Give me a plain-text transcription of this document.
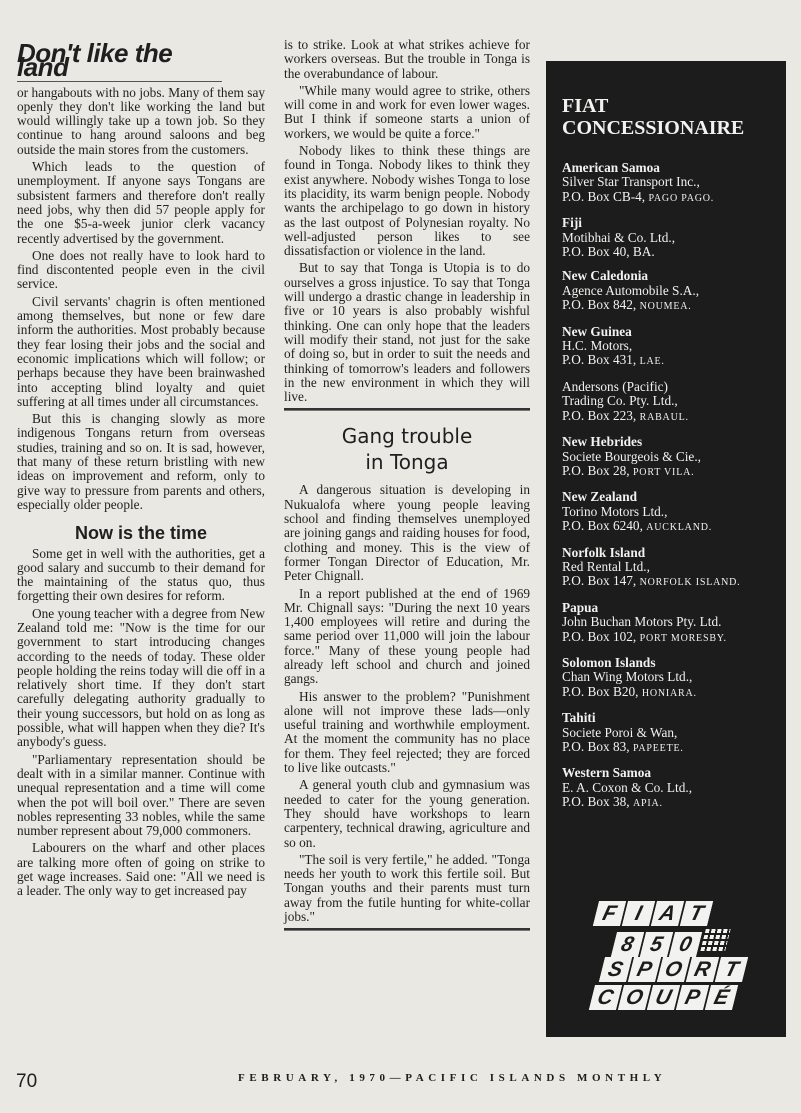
Don't like the land

or hangabouts with no jobs. Many of them say openly they don't like working the land but would willingly take up a town job. So they continue to hang around saloons and beg outside the main stores from the customers.

Which leads to the question of unemployment. If anyone says Tongans are subsistent farmers and therefore don't really need jobs, why then did 57 people apply for the one $5-a-week junior clerk vacancy recently advertised by the government.

One does not really have to look hard to find discontented people even in the civil service.

Civil servants' chagrin is often mentioned among themselves, but none or few dare inform the authorities. Most probably because they fear losing their jobs and the social and economic implications which will follow; or perhaps because they have been brainwashed into accepting blind loyalty and quiet suffering at all times under all circumstances.

But this is changing slowly as more indigenous Tongans return from overseas studies, training and so on. It is sad, however, that many of these return bristling with new ideas on improvement and reform, only to give way to pressure from parents and others, especially older people.

Now is the time

Some get in well with the authorities, get a good salary and succumb to their demand for the maintaining of the status quo, thus forgetting their own desires for reform.

One young teacher with a degree from New Zealand told me: "Now is the time for our government to start introducing changes according to the needs of today. These older people holding the reins today will die off in a relatively short time. If they don't start carefully delegating authority gradually to their young successors, but hold on as long as possible, what will happen when they die? It's anybody's guess.

"Parliamentary representation should be dealt with in a similar manner. Continue with unequal representation and a time will come when the pot will boil over." There are seven nobles representing 33 nobles, while the same number represent about 79,000 commoners.

Labourers on the wharf and other places are talking more often of going on strike to get wage increases. Said one: "All we need is a leader. The only way to get increased pay

is to strike. Look at what strikes achieve for workers overseas. But the trouble in Tonga is the overabundance of labour.

"While many would agree to strike, others will come in and work for even lower wages. But I think if someone starts a union of workers, we would be quite a force."

Nobody likes to think these things are found in Tonga. Nobody likes to think they exist anywhere. Nobody wishes Tonga to lose its placidity, its warm benign people. Nobody wants the archipelago to go down in history as the last outpost of Polynesian royalty. No well-adjusted person likes to see dissatisfaction or violence in the land.

But to say that Tonga is Utopia is to do ourselves a gross injustice. To say that Tonga will undergo a drastic change in leadership in five or 10 years is also probably wishful thinking. One can only hope that the leaders will modify their stand, not just for the sake of doing so, but in order to suit the needs and thinking of tomorrow's leaders and followers in the new environment in which they will live.

Gang trouble
in Tonga

A dangerous situation is developing in Nukualofa where young people leaving school and finding themselves unemployed are joining gangs and raiding houses for food, clothing and money. This is the view of former Tongan Director of Education, Mr. Peter Chignall.

In a report published at the end of 1969 Mr. Chignall says: "During the next 10 years 1,400 employees will retire and during the same period over 11,000 will join the labour force." Many of these young people had already left school and church and joined gangs.

His answer to the problem? "Punishment alone will not improve these lads—only useful training and worthwhile employment. At the moment the community has no place for them. They feel rejected; they are forced to live like outcasts."

A general youth club and gymnasium was needed to cater for the young generation. They should have workshops to learn carpentery, technical drawing, agriculture and so on.

"The soil is very fertile," he added. "Tonga needs her youth to work this fertile soil. But Tongan youths and their parents must turn away from the futile hunting for white-collar jobs."

FIAT
CONCESSIONAIRE
American Samoa
Silver Star Transport Inc.,
P.O. Box CB-4, PAGO PAGO.
Fiji
Motibhai & Co. Ltd.,
P.O. Box 40, BA.
New Caledonia
Agence Automobile S.A.,
P.O. Box 842, NOUMEA.
New Guinea
H.C. Motors,
P.O. Box 431, LAE.
Andersons (Pacific)
Trading Co. Pty. Ltd.,
P.O. Box 223, RABAUL.
New Hebrides
Societe Bourgeois & Cie.,
P.O. Box 28, PORT VILA.
New Zealand
Torino Motors Ltd.,
P.O. Box 6240, AUCKLAND.
Norfolk Island
Red Rental Ltd.,
P.O. Box 147, NORFOLK ISLAND.
Papua
John Buchan Motors Pty. Ltd.
P.O. Box 102, PORT MORESBY.
Solomon Islands
Chan Wing Motors Ltd.,
P.O. Box B20, HONIARA.
Tahiti
Societe Poroi & Wan,
P.O. Box 83, PAPEETE.
Western Samoa
E. A. Coxon & Co. Ltd.,
P.O. Box 38, APIA.
F I A T
8 5 0
S P O R T
C O U P É
70	FEBRUARY, 1970—PACIFIC ISLANDS MONTHLY
